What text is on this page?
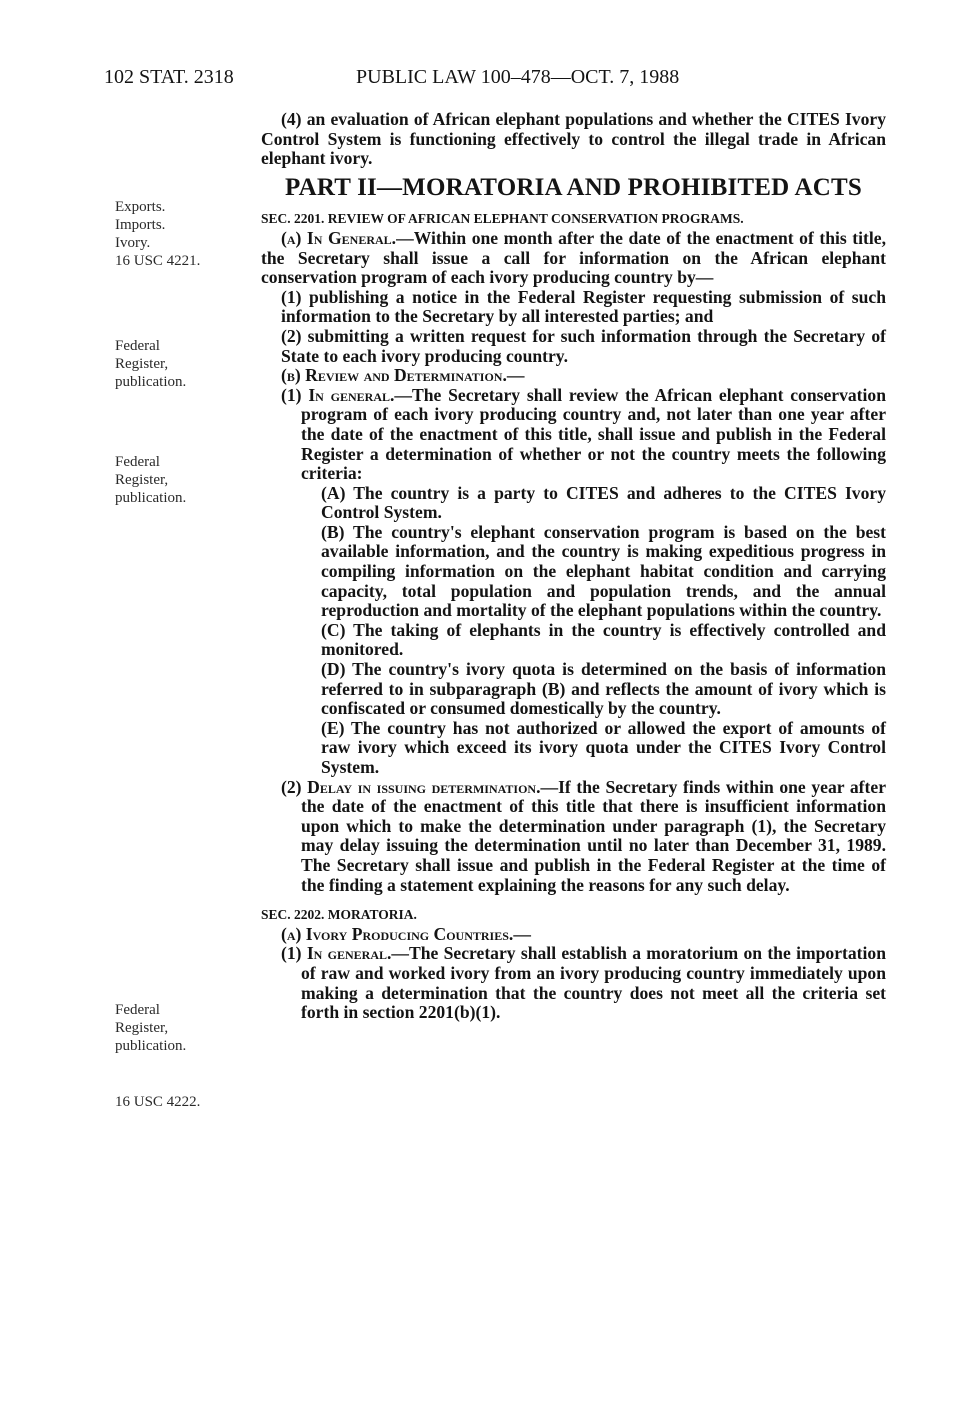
102 STAT. 2318	PUBLIC LAW 100–478—OCT. 7, 1988
Exports.
Imports.
Ivory.
16 USC 4221.
Federal
Register,
publication.
Federal
Register,
publication.
Federal
Register,
publication.
16 USC 4222.

(4) an evaluation of African elephant populations and whether the CITES Ivory Control System is functioning effectively to control the illegal trade in African elephant ivory.

PART II—MORATORIA AND PROHIBITED ACTS

SEC. 2201. REVIEW OF AFRICAN ELEPHANT CONSERVATION PROGRAMS.

(a) In General.—Within one month after the date of the enactment of this title, the Secretary shall issue a call for information on the African elephant conservation program of each ivory producing country by—

(1) publishing a notice in the Federal Register requesting submission of such information to the Secretary by all interested parties; and

(2) submitting a written request for such information through the Secretary of State to each ivory producing country.

(b) Review and Determination.—

(1) In general.—The Secretary shall review the African elephant conservation program of each ivory producing country and, not later than one year after the date of the enactment of this title, shall issue and publish in the Federal Register a determination of whether or not the country meets the following criteria:

(A) The country is a party to CITES and adheres to the CITES Ivory Control System.

(B) The country's elephant conservation program is based on the best available information, and the country is making expeditious progress in compiling information on the elephant habitat condition and carrying capacity, total population and population trends, and the annual reproduction and mortality of the elephant populations within the country.

(C) The taking of elephants in the country is effectively controlled and monitored.

(D) The country's ivory quota is determined on the basis of information referred to in subparagraph (B) and reflects the amount of ivory which is confiscated or consumed domestically by the country.

(E) The country has not authorized or allowed the export of amounts of raw ivory which exceed its ivory quota under the CITES Ivory Control System.

(2) Delay in issuing determination.—If the Secretary finds within one year after the date of the enactment of this title that there is insufficient information upon which to make the determination under paragraph (1), the Secretary may delay issuing the determination until no later than December 31, 1989. The Secretary shall issue and publish in the Federal Register at the time of the finding a statement explaining the reasons for any such delay.

SEC. 2202. MORATORIA.

(a) Ivory Producing Countries.—

(1) In general.—The Secretary shall establish a moratorium on the importation of raw and worked ivory from an ivory producing country immediately upon making a determination that the country does not meet all the criteria set forth in section 2201(b)(1).
